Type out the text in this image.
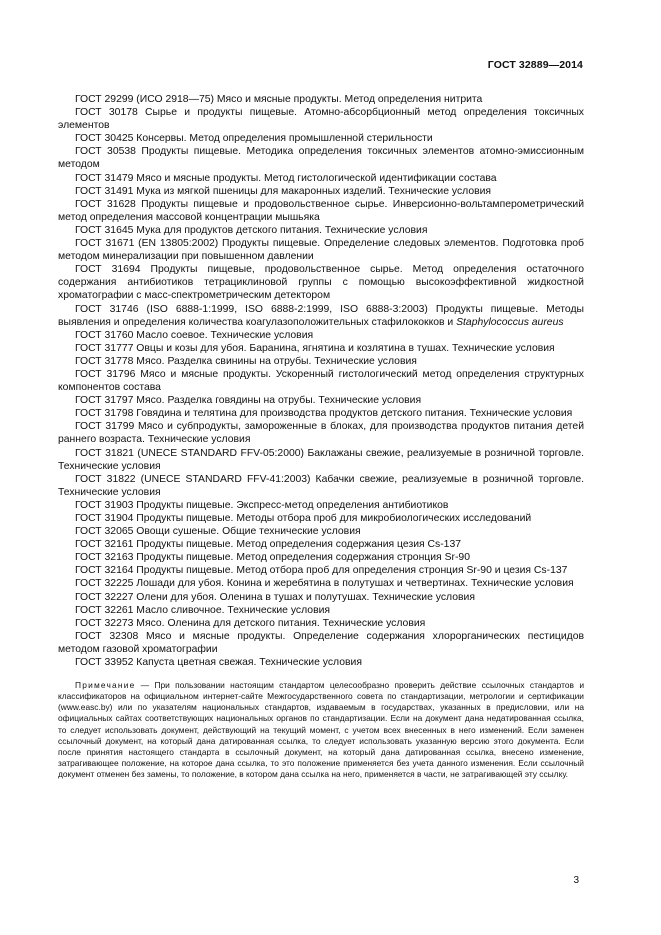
ГОСТ 32889—2014

ГОСТ 29299 (ИСО 2918—75) Мясо и мясные продукты. Метод определения нитрита

ГОСТ 30178 Сырье и продукты пищевые. Атомно-абсорбционный метод определения токсичных элементов

ГОСТ 30425 Консервы. Метод определения промышленной стерильности

ГОСТ 30538 Продукты пищевые. Методика определения токсичных элементов атомно-эмиссионным методом

ГОСТ 31479 Мясо и мясные продукты. Метод гистологической идентификации состава

ГОСТ 31491 Мука из мягкой пшеницы для макаронных изделий. Технические условия

ГОСТ 31628 Продукты пищевые и продовольственное сырье. Инверсионно-вольтамперометрический метод определения массовой концентрации мышьяка

ГОСТ 31645 Мука для продуктов детского питания. Технические условия

ГОСТ 31671 (EN 13805:2002) Продукты пищевые. Определение следовых элементов. Подготовка проб методом минерализации при повышенном давлении

ГОСТ 31694 Продукты пищевые, продовольственное сырье. Метод определения остаточного содержания антибиотиков тетрациклиновой группы с помощью высокоэффективной жидкостной хроматографии с масс-спектрометрическим детектором

ГОСТ 31746 (ISO 6888-1:1999, ISO 6888-2:1999, ISO 6888-3:2003) Продукты пищевые. Методы выявления и определения количества коагулазоположительных стафилококков и Staphylococcus aureus

ГОСТ 31760 Масло соевое. Технические условия

ГОСТ 31777 Овцы и козы для убоя. Баранина, ягнятина и козлятина в тушах. Технические условия

ГОСТ 31778 Мясо. Разделка свинины на отрубы. Технические условия

ГОСТ 31796 Мясо и мясные продукты. Ускоренный гистологический метод определения структурных компонентов состава

ГОСТ 31797 Мясо. Разделка говядины на отрубы. Технические условия

ГОСТ 31798 Говядина и телятина для производства продуктов детского питания. Технические условия

ГОСТ 31799 Мясо и субпродукты, замороженные в блоках, для производства продуктов питания детей раннего возраста. Технические условия

ГОСТ 31821 (UNECE STANDARD FFV-05:2000) Баклажаны свежие, реализуемые в розничной торговле. Технические условия

ГОСТ 31822 (UNECE STANDARD FFV-41:2003) Кабачки свежие, реализуемые в розничной торговле. Технические условия

ГОСТ 31903 Продукты пищевые. Экспресс-метод определения антибиотиков

ГОСТ 31904 Продукты пищевые. Методы отбора проб для микробиологических исследований

ГОСТ 32065 Овощи сушеные. Общие технические условия

ГОСТ 32161 Продукты пищевые. Метод определения содержания цезия Cs-137

ГОСТ 32163 Продукты пищевые. Метод определения содержания стронция Sr-90

ГОСТ 32164 Продукты пищевые. Метод отбора проб для определения стронция Sr-90 и цезия Cs-137

ГОСТ 32225 Лошади для убоя. Конина и жеребятина в полутушах и четвертинах. Технические условия

ГОСТ 32227 Олени для убоя. Оленина в тушах и полутушах. Технические условия

ГОСТ 32261 Масло сливочное. Технические условия

ГОСТ 32273 Мясо. Оленина для детского питания. Технические условия

ГОСТ 32308 Мясо и мясные продукты. Определение содержания хлорорганических пестицидов методом газовой хроматографии

ГОСТ 33952 Капуста цветная свежая. Технические условия

Примечание — При пользовании настоящим стандартом целесообразно проверить действие ссылочных стандартов и классификаторов на официальном интернет-сайте Межгосударственного совета по стандартизации, метрологии и сертификации (www.easc.by) или по указателям национальных стандартов, издаваемым в государствах, указанных в предисловии, или на официальных сайтах соответствующих национальных органов по стандартизации. Если на документ дана недатированная ссылка, то следует использовать документ, действующий на текущий момент, с учетом всех внесенных в него изменений. Если заменен ссылочный документ, на который дана датированная ссылка, то следует использовать указанную версию этого документа. Если после принятия настоящего стандарта в ссылочный документ, на который дана датированная ссылка, внесено изменение, затрагивающее положение, на которое дана ссылка, то это положение применяется без учета данного изменения. Если ссылочный документ отменен без замены, то положение, в котором дана ссылка на него, применяется в части, не затрагивающей эту ссылку.
3
